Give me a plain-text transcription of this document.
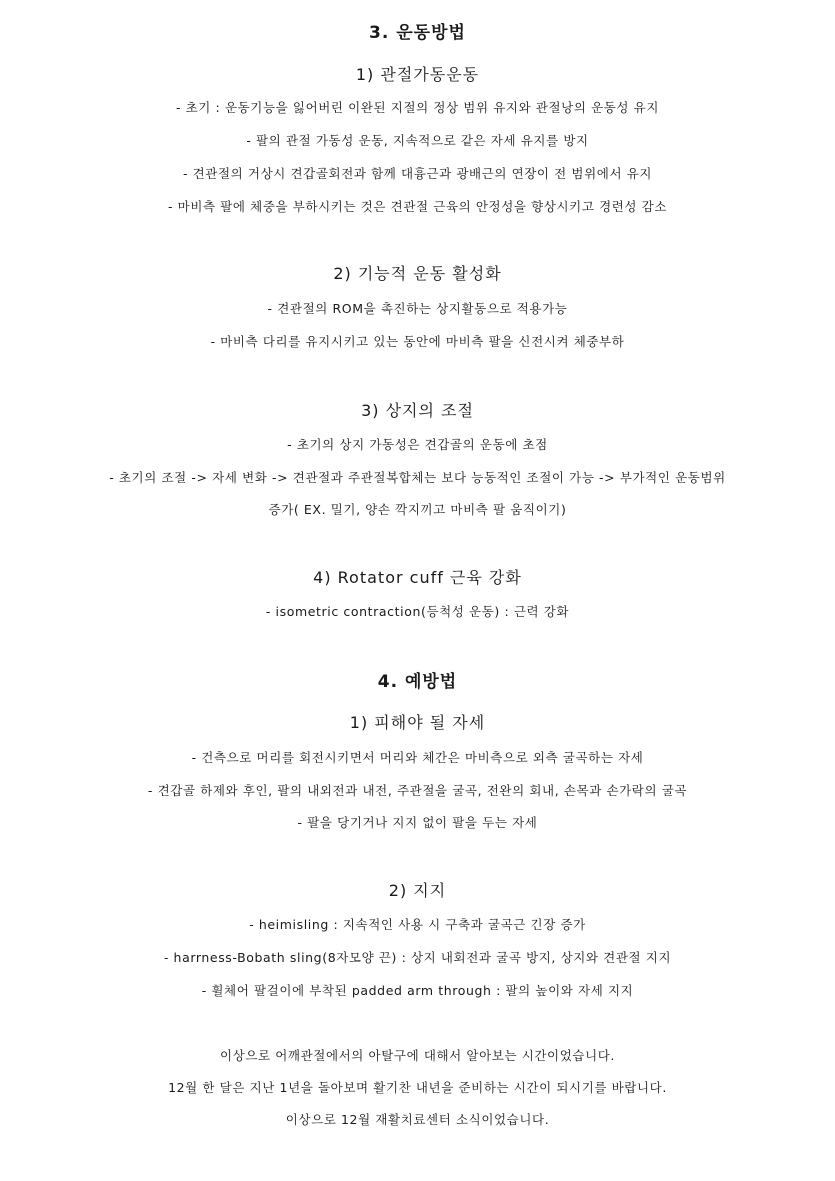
3. 운동방법
1) 관절가동운동
- 초기 : 운동기능을 잃어버린 이완된 지절의 정상 범위 유지와 관절낭의 운동성 유지
- 팔의 관절 가동성 운동, 지속적으로 같은 자세 유지를 방지
- 견관절의 거상시 견갑골회전과 함께 대흉근과 광배근의 연장이 전 범위에서 유지
- 마비측 팔에 체중을 부하시키는 것은 견관절 근육의 안정성을 향상시키고 경련성 감소
2) 기능적 운동 활성화
- 견관절의 ROM을 촉진하는 상지활동으로 적용가능
- 마비측 다리를 유지시키고 있는 동안에 마비측 팔을 신전시켜 체중부하
3) 상지의 조절
- 초기의 상지 가동성은 견갑골의 운동에 초점
- 초기의 조절 -> 자세 변화 -> 견관절과 주관절복합체는 보다 능동적인 조절이 가능 -> 부가적인 운동범위
증가( EX. 밀기, 양손 깍지끼고 마비측 팔 움직이기)
4) Rotator cuff 근육 강화
- isometric contraction(등척성 운동) : 근력 강화
4. 예방법
1) 피해야 될 자세
- 건측으로 머리를 회전시키면서 머리와 체간은 마비측으로 외측 굴곡하는 자세
- 견갑골 하제와 후인, 팔의 내외전과 내전, 주관절을 굴곡, 전완의 회내, 손목과 손가락의 굴곡
- 팔을 당기거나 지지 없이 팔을 두는 자세
2) 지지
- heimisling : 지속적인 사용 시 구축과 굴곡근 긴장 증가
- harrness-Bobath sling(8자모양 끈) : 상지 내회전과 굴곡 방지, 상지와 견관절 지지
- 휠체어 팔걸이에 부착된 padded arm through : 팔의 높이와 자세 지지
이상으로 어깨관절에서의 아탈구에 대해서 알아보는 시간이었습니다.
12월 한 달은 지난 1년을 돌아보며 활기찬 내년을 준비하는 시간이 되시기를 바랍니다.
이상으로 12월 재활치료센터 소식이었습니다.
